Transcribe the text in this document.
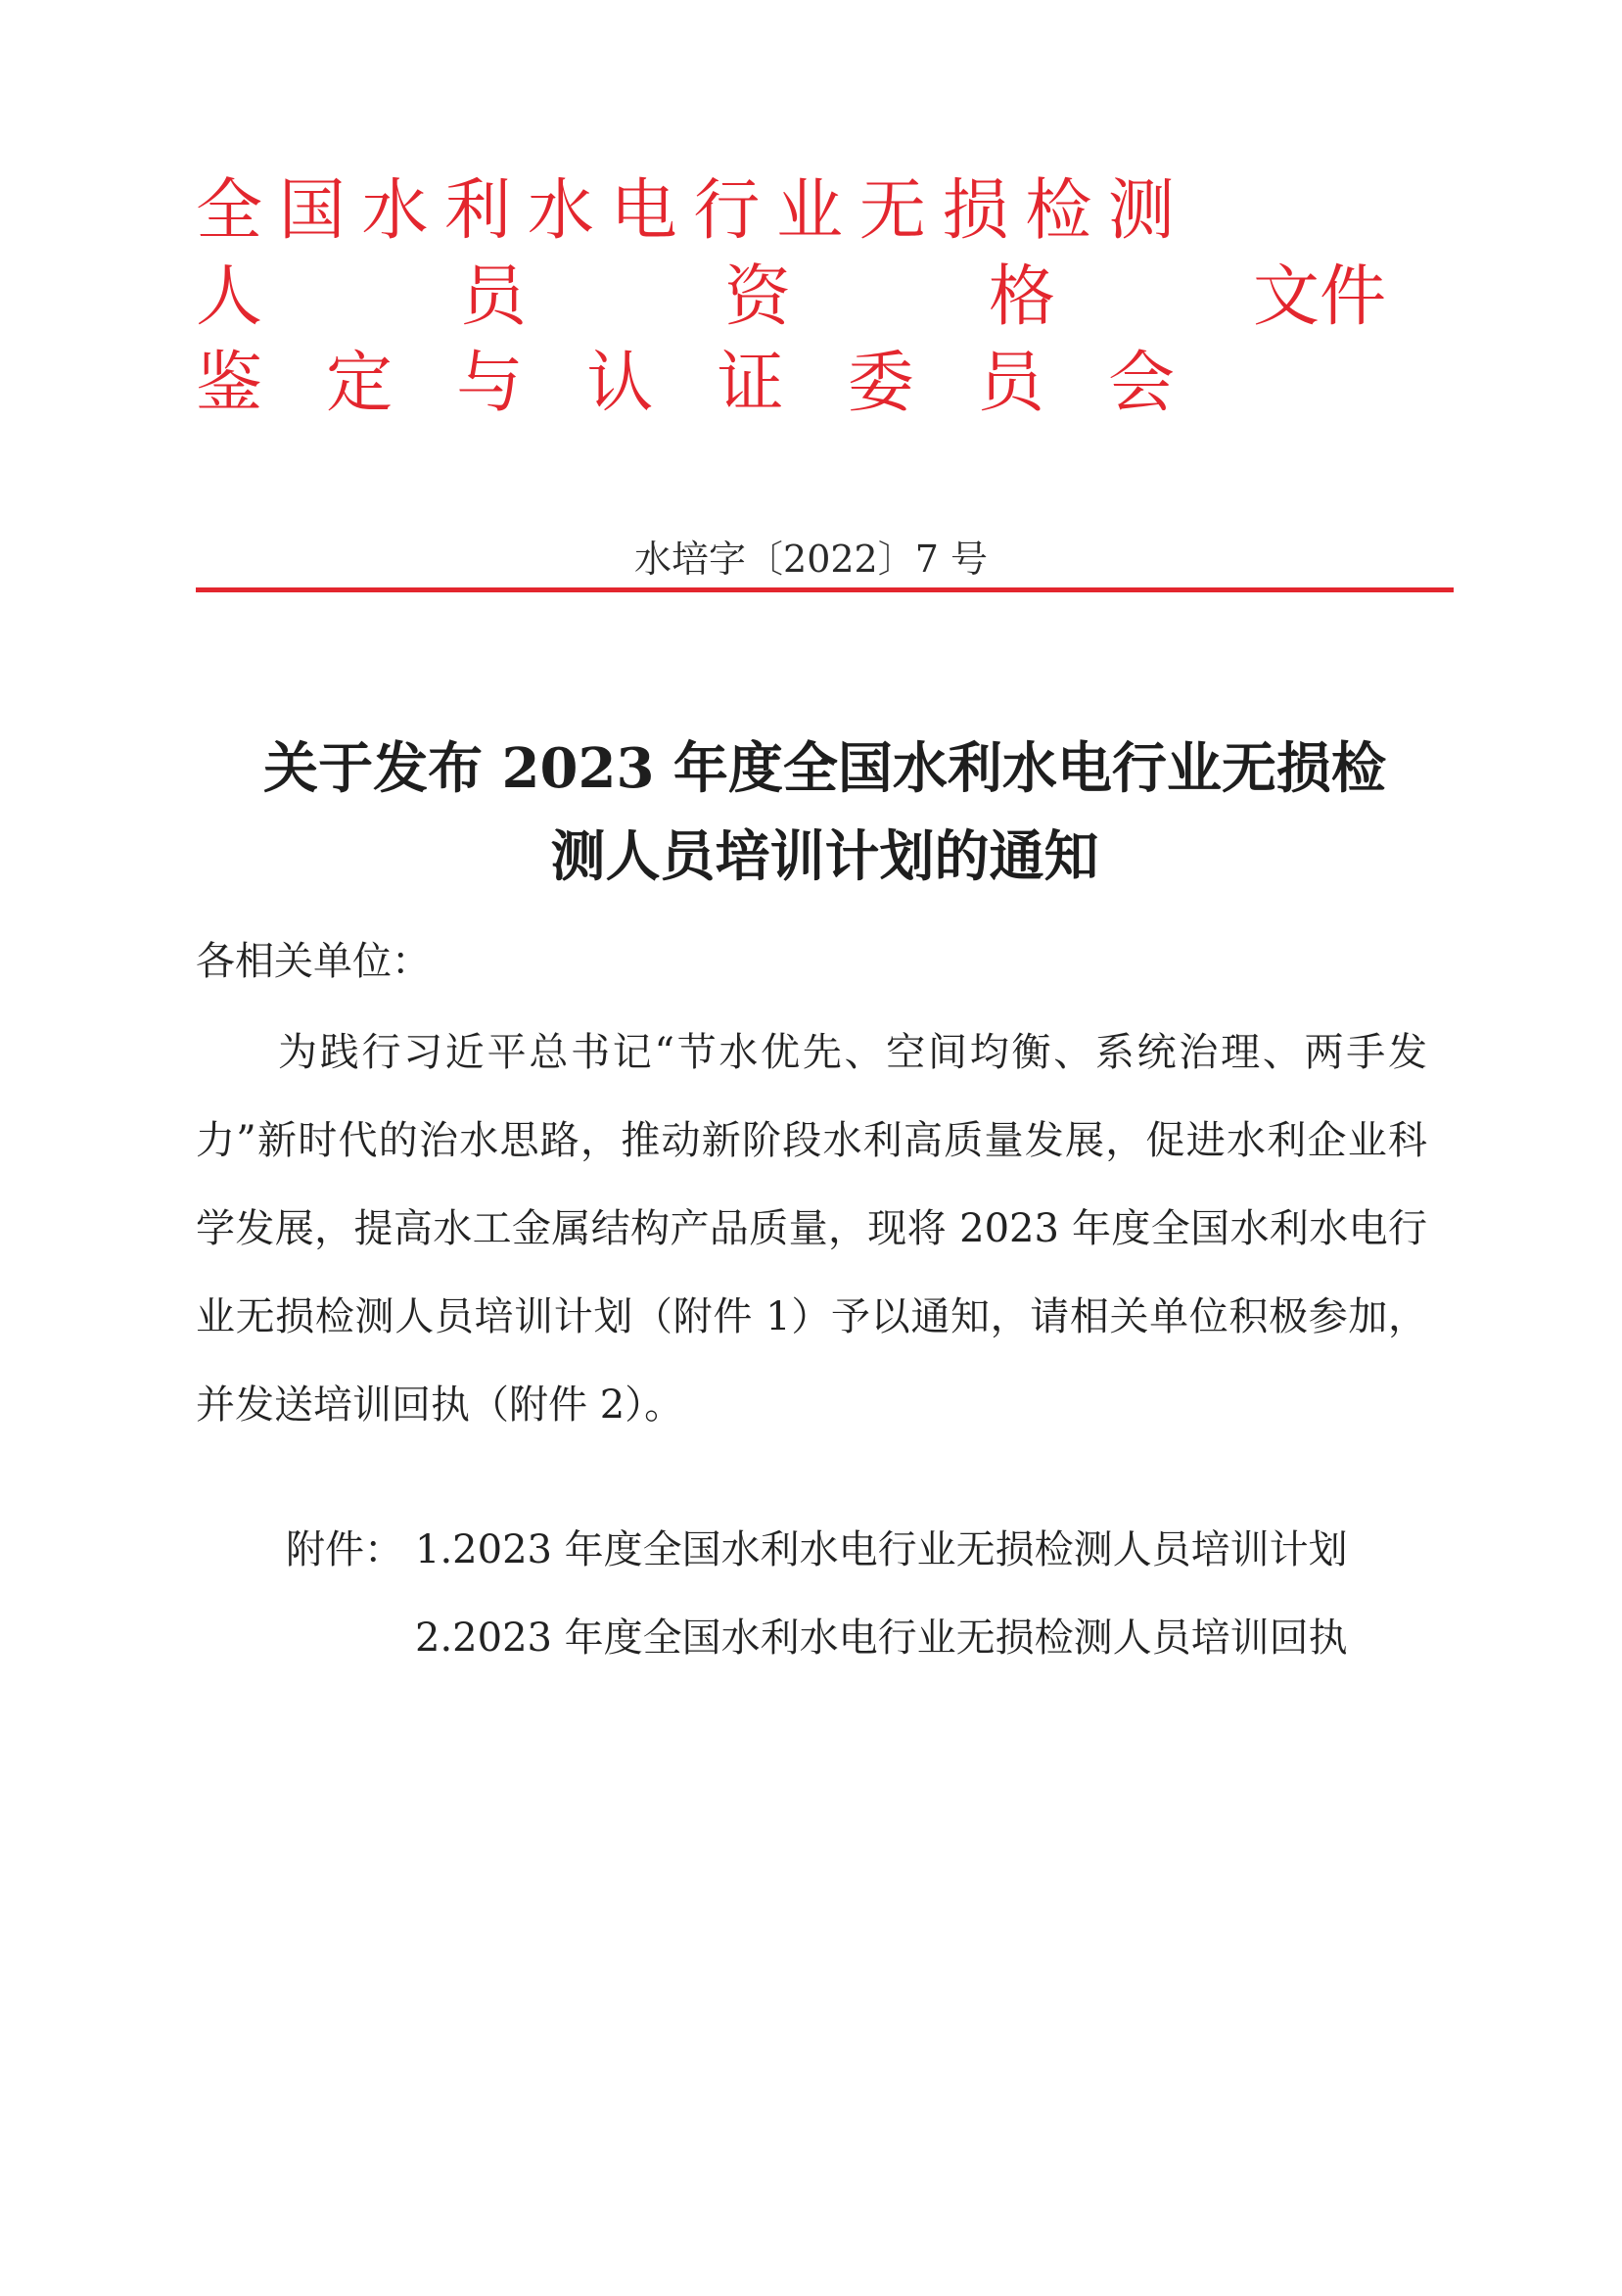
全 国 水 利 水 电 行 业 无 损 检 测
人	员	资	格	文件
鉴 定 与 认 证 委 员 会
水培字〔2022〕7 号
关于发布 2023 年度全国水利水电行业无损检
测人员培训计划的通知
各相关单位：
为践行习近平总书记“节水优先、空间均衡、系统治理、两手发力”新时代的治水思路，推动新阶段水利高质量发展，促进水利企业科学发展，提高水工金属结构产品质量，现将 2023 年度全国水利水电行业无损检测人员培训计划（附件 1）予以通知，请相关单位积极参加，并发送培训回执（附件 2）。
附件： 1.2023 年度全国水利水电行业无损检测人员培训计划
2.2023 年度全国水利水电行业无损检测人员培训回执
